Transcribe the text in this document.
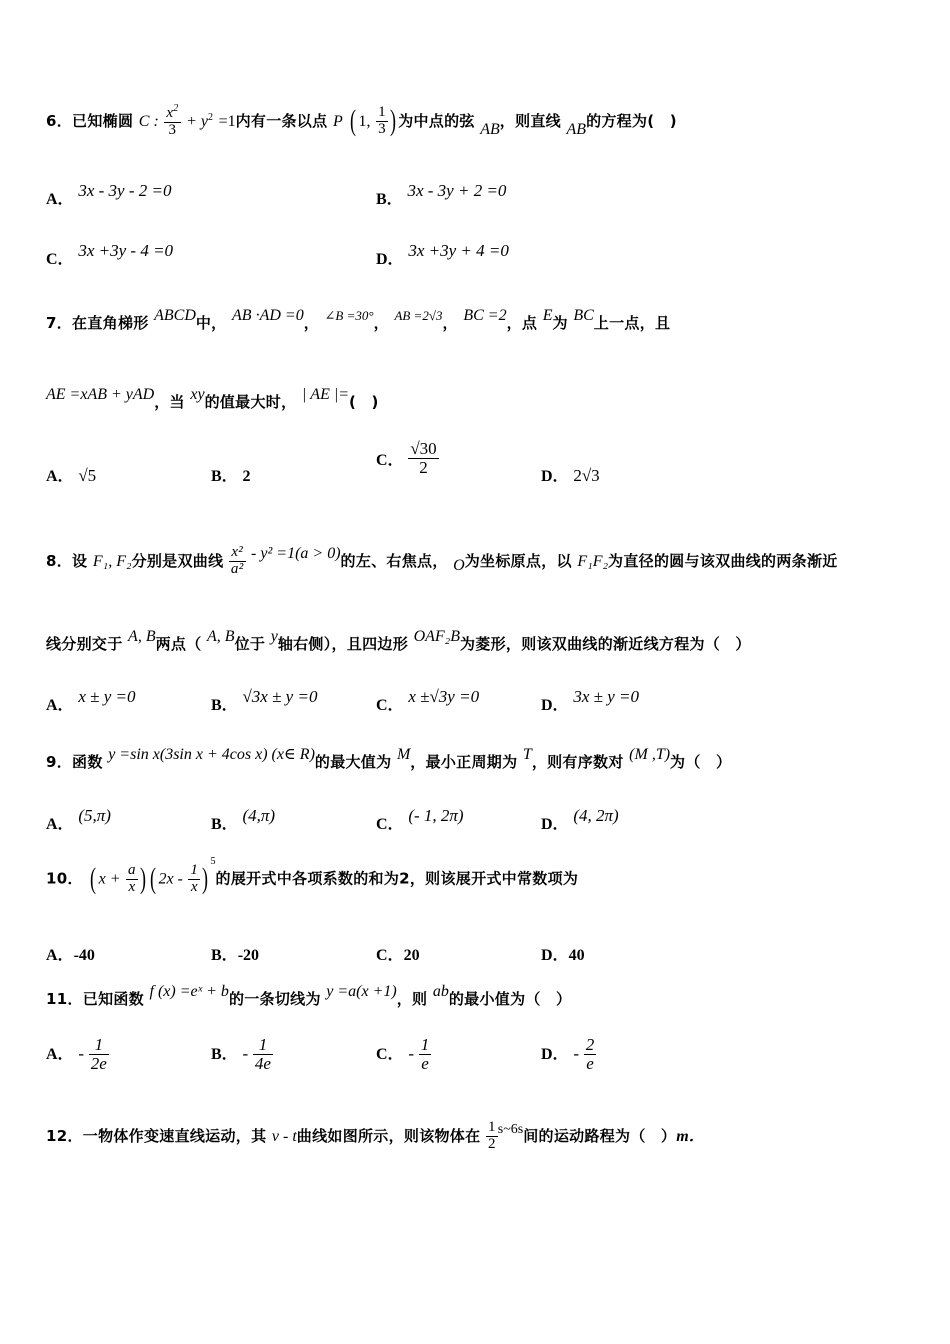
6．已知椭圆 C : $\frac{x^2}{3} + y^2 =1$内有一条以点 P ( 1, $\frac{1}{3}$ ) 为中点的弦 AB，则直线 AB的方程为(　)
A． 3x - 3y - 2 =0	B． 3x - 3y + 2 =0
C． 3x +3y - 4 =0	D． 3x +3y + 4 =0
7．在直角梯形 ABCD中， AB ·AD =0， ∠B =30°， AB =2√3， BC =2，点 E为 BC上一点，且
AE =xAB + yAD，当 xy的值最大时， | AE |=(　)
A． √5	B． 2
C． $\frac{√30}{2}$	D． 2√3
8．设 F₁, F₂分别是双曲线 $\frac{\text{x²}}{\text{a²}} - y^2 =1(a > 0)$的左、右焦点， O为坐标原点，以 F₁F₂为直径的圆与该双曲线的两条渐近
线分别交于 A, B两点（ A, B位于 y轴右侧），且四边形 OAF₂B为菱形，则该双曲线的渐近线方程为（　）
A． x ± y =0	B． √3x ± y =0	C． x ±√3y =0	D． 3x ± y =0
9．函数 y =sin x(3sin x + 4cos x) (x∈ R)的最大值为 M，最小正周期为 T，则有序数对 (M ,T)为（　）
A． (5,π)	B． (4,π)	C． (- 1, 2π)	D． (4, 2π)
10． ( $x + \frac{a}{x}$ ) ( $2x - \frac{1}{x} )^5$的展开式中各项系数的和为2，则该展开式中常数项为
A．-40	B．-20	C．20	D．40
11．已知函数 f (x) =eˣ + b的一条切线为 y =a(x +1)，则 ab的最小值为（　）
A． - $\frac{1}{2e}$	B． - $\frac{1}{4e}$	C． - $\frac{1}{e}$	D． - $\frac{2}{e}$
12．一物体作变速直线运动，其 v - t曲线如图所示，则该物体在 $\frac{1}{2}$ s~6s间的运动路程为（　）m．
